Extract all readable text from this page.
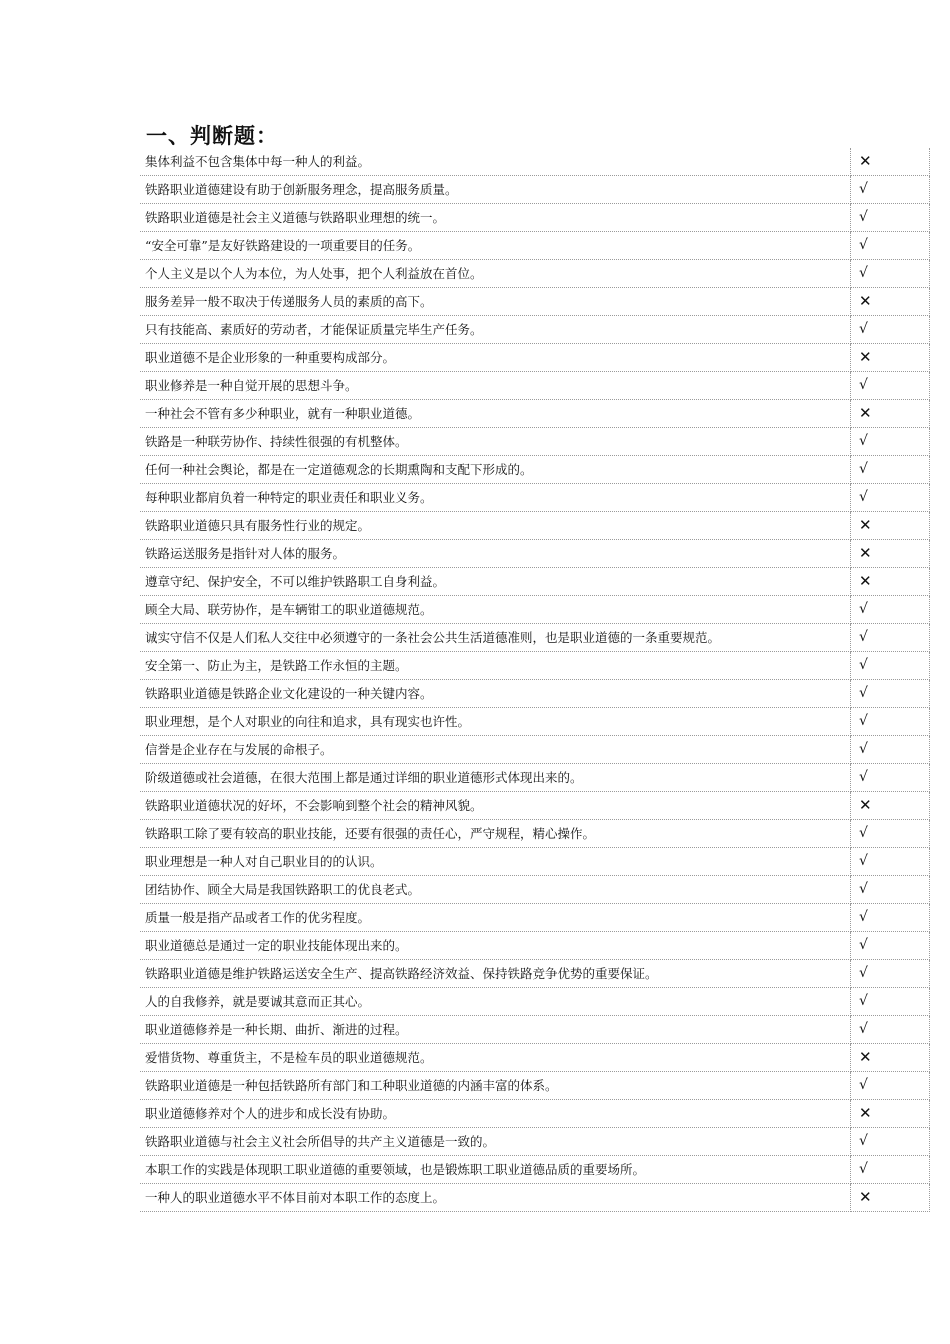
一、判断题：
集体利益不包含集体中每一种人的利益。	✕
铁路职业道德建设有助于创新服务理念，提高服务质量。	√
铁路职业道德是社会主义道德与铁路职业理想的统一。	√
“安全可靠”是友好铁路建设的一项重要目的任务。	√
个人主义是以个人为本位，为人处事，把个人利益放在首位。	√
服务差异一般不取决于传递服务人员的素质的高下。	✕
只有技能高、素质好的劳动者，才能保证质量完毕生产任务。	√
职业道德不是企业形象的一种重要构成部分。	✕
职业修养是一种自觉开展的思想斗争。	√
一种社会不管有多少种职业，就有一种职业道德。	✕
铁路是一种联劳协作、持续性很强的有机整体。	√
任何一种社会舆论，都是在一定道德观念的长期熏陶和支配下形成的。	√
每种职业都肩负着一种特定的职业责任和职业义务。	√
铁路职业道德只具有服务性行业的规定。	✕
铁路运送服务是指针对人体的服务。	✕
遵章守纪、保护安全，不可以维护铁路职工自身利益。	✕
顾全大局、联劳协作，是车辆钳工的职业道德规范。	√
诚实守信不仅是人们私人交往中必须遵守的一条社会公共生活道德准则，也是职业道德的一条重要规范。	√
安全第一、防止为主，是铁路工作永恒的主题。	√
铁路职业道德是铁路企业文化建设的一种关键内容。	√
职业理想，是个人对职业的向往和追求，具有现实也许性。	√
信誉是企业存在与发展的命根子。	√
阶级道德或社会道德，在很大范围上都是通过详细的职业道德形式体现出来的。	√
铁路职业道德状况的好坏，不会影响到整个社会的精神风貌。	✕
铁路职工除了要有较高的职业技能，还要有很强的责任心，严守规程，精心操作。	√
职业理想是一种人对自己职业目的的认识。	√
团结协作、顾全大局是我国铁路职工的优良老式。	√
质量一般是指产品或者工作的优劣程度。	√
职业道德总是通过一定的职业技能体现出来的。	√
铁路职业道德是维护铁路运送安全生产、提高铁路经济效益、保持铁路竞争优势的重要保证。	√
人的自我修养，就是要诚其意而正其心。	√
职业道德修养是一种长期、曲折、渐进的过程。	√
爱惜货物、尊重货主，不是检车员的职业道德规范。	✕
铁路职业道德是一种包括铁路所有部门和工种职业道德的内涵丰富的体系。	√
职业道德修养对个人的进步和成长没有协助。	✕
铁路职业道德与社会主义社会所倡导的共产主义道德是一致的。	√
本职工作的实践是体现职工职业道德的重要领域，也是锻炼职工职业道德品质的重要场所。	√
一种人的职业道德水平不体目前对本职工作的态度上。	✕
